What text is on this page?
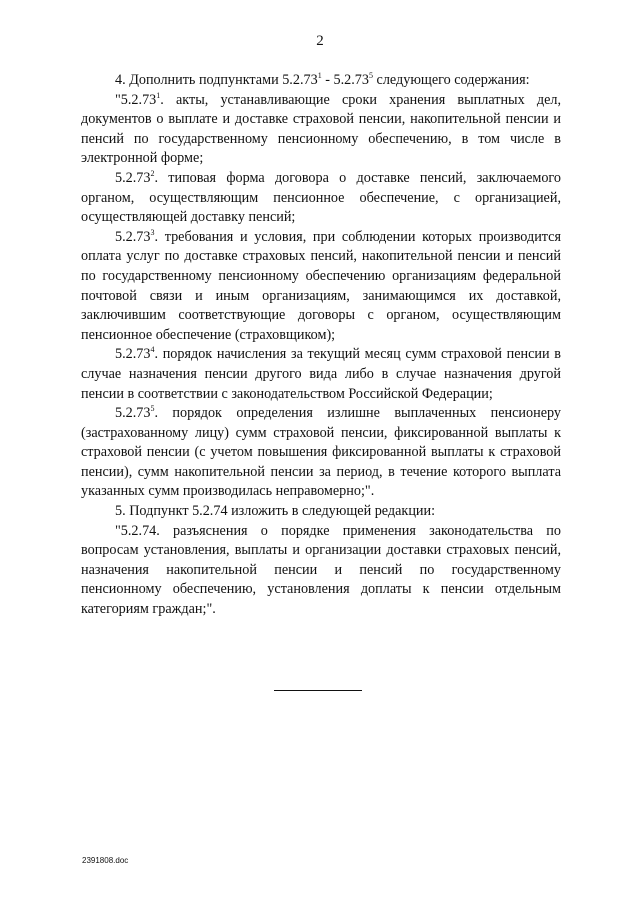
2

4. Дополнить подпунктами 5.2.73$^1$ - 5.2.73$^5$ следующего содержания:

"5.2.73$^1$. акты, устанавливающие сроки хранения выплатных дел, документов о выплате и доставке страховой пенсии, накопительной пенсии и пенсий по государственному пенсионному обеспечению, в том числе в электронной форме;

5.2.73$^2$. типовая форма договора о доставке пенсий, заключаемого органом, осуществляющим пенсионное обеспечение, с организацией, осуществляющей доставку пенсий;

5.2.73$^3$. требования и условия, при соблюдении которых производится оплата услуг по доставке страховых пенсий, накопительной пенсии и пенсий по государственному пенсионному обеспечению организациям федеральной почтовой связи и иным организациям, занимающимся их доставкой, заключившим соответствующие договоры с органом, осуществляющим пенсионное обеспечение (страховщиком);

5.2.73$^4$. порядок начисления за текущий месяц сумм страховой пенсии в случае назначения пенсии другого вида либо в случае назначения другой пенсии в соответствии с законодательством Российской Федерации;

5.2.73$^5$. порядок определения излишне выплаченных пенсионеру (застрахованному лицу) сумм страховой пенсии, фиксированной выплаты к страховой пенсии (с учетом повышения фиксированной выплаты к страховой пенсии), сумм накопительной пенсии за период, в течение которого выплата указанных сумм производилась неправомерно;".

5. Подпункт 5.2.74 изложить в следующей редакции:

"5.2.74. разъяснения о порядке применения законодательства по вопросам установления, выплаты и организации доставки страховых пенсий, назначения накопительной пенсии и пенсий по государственному пенсионному обеспечению, установления доплаты к пенсии отдельным категориям граждан;".

2391808.doc
